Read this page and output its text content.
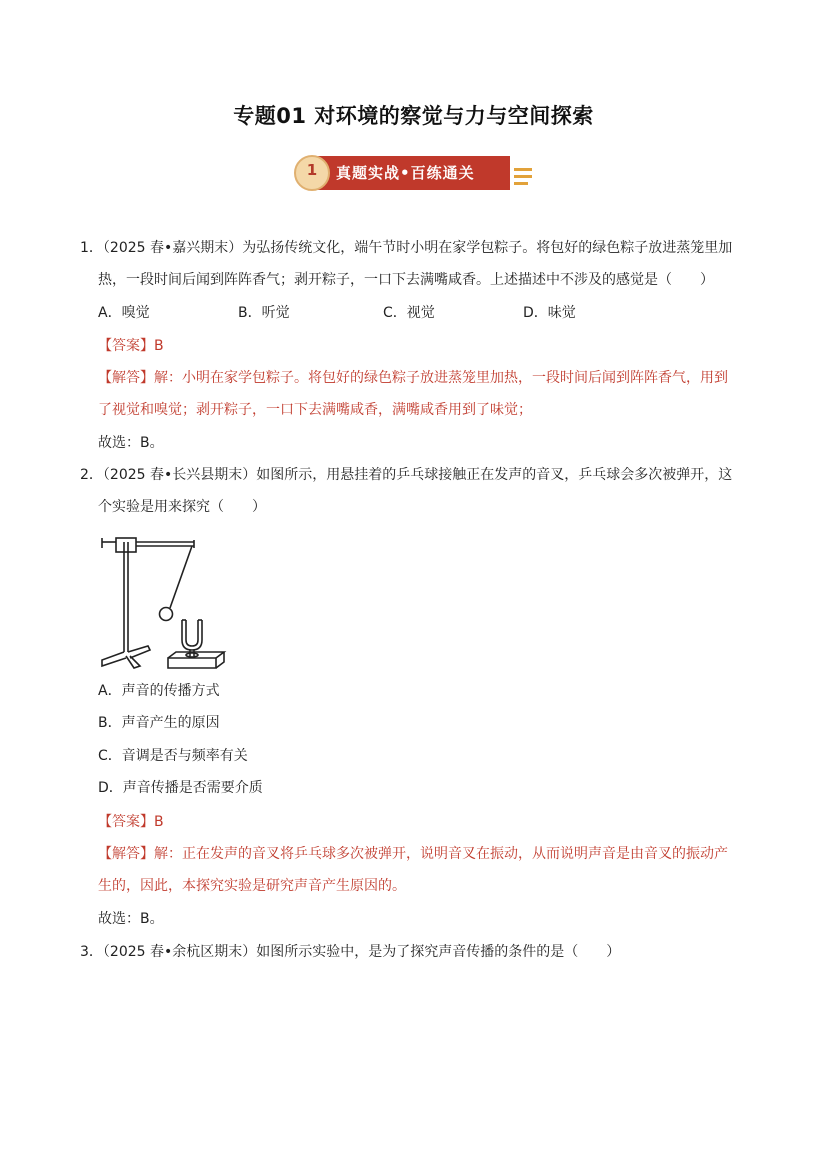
专题01 对环境的察觉与力与空间探索
1	真题实战•百练通关
1．（2025 春•嘉兴期末）为弘扬传统文化，端午节时小明在家学包粽子。将包好的绿色粽子放进蒸笼里加
热，一段时间后闻到阵阵香气；剥开粽子，一口下去满嘴咸香。上述描述中不涉及的感觉是（　　）
A．嗅觉	B．听觉	C．视觉	D．味觉
【答案】B
【解答】解：小明在家学包粽子。将包好的绿色粽子放进蒸笼里加热，一段时间后闻到阵阵香气，用到
了视觉和嗅觉；剥开粽子，一口下去满嘴咸香，满嘴咸香用到了味觉；
故选：B。
2．（2025 春•长兴县期末）如图所示，用悬挂着的乒乓球接触正在发声的音叉，乒乓球会多次被弹开，这
个实验是用来探究（　　）
A．声音的传播方式
B．声音产生的原因
C．音调是否与频率有关
D．声音传播是否需要介质
【答案】B
【解答】解：正在发声的音叉将乒乓球多次被弹开，说明音叉在振动，从而说明声音是由音叉的振动产
生的，因此，本探究实验是研究声音产生原因的。
故选：B。
3．（2025 春•余杭区期末）如图所示实验中，是为了探究声音传播的条件的是（　　）
